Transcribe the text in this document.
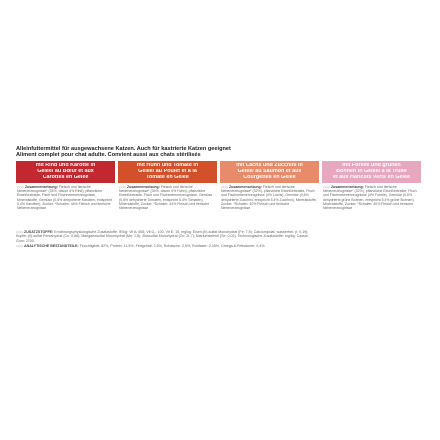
Alleinfuttermittel für ausgewachsene Katzen. Auch für kastrierte Katzen geeignet
Aliment complet pour chat adulte. Convient aussi aux chats stérilisés
mit Rind und Karotte in
Gelee/ au Bœuf et aux
Carottes en Gelée
◇◇◇ Zusammensetzung: Fleisch und tierische Nebenerzeugnisse* (34%, davon 4% Rind), pflanzliche Eiweißextrakte, Fisch und Fischnebenerzeugnisse, Mineralstoffe, Gemüse (0,6% dehydrierte Karotten, entspricht 5,4% Karotten), Zucker. *Schalen: 44% Fleisch und tierische Nebenerzeugnisse
mit Huhn und Tomate in
Gelee/ au Poulet et à la
Tomate en Gelée
◇◇◇ Zusammensetzung: Fleisch und tierische Nebenerzeugnisse* (34%, davon 4% Huhn), pflanzliche Eiweißextrakte, Fisch und Fischnebenerzeugnisse, Gemüse (0,6% dehydrierte Tomaten, entspricht 5,4% Tomaten), Mineralstoffe, Zucker. *Schalen: 44% Fleisch und tierische Nebenerzeugnisse
mit Lachs und Zucchini in
Gelee/ au Saumon et aux
Courgettes en Gelée
◇◇◇ Zusammensetzung: Fleisch und tierische Nebenerzeugnisse* (32%), pflanzliche Eiweißextrakte, Fisch und Fischnebenerzeugnisse (4% Lachs), Gemüse (0,6% dehydrierte Zucchini, entspricht 5,4% Zucchini), Mineralstoffe, Zucker. *Schalen: 40% Fleisch und tierische Nebenerzeugnisse
mit Forelle und grünen
Bohnen in Gelee/ à la Truite
et aux Haricots verts en Gelée
◇◇◇ Zusammensetzung: Fleisch und tierische Nebenerzeugnisse* (32%), pflanzliche Eiweißextrakte, Fisch und Fischnebenerzeugnisse (4% Forelle), Gemüse (0,6% dehydrierte grüne Bohnen, entspricht 5,4% grüne Bohnen), Mineralstoffe, Zucker. *Schalen: 40% Fleisch und tierische Nebenerzeugnisse
◇◇◇ ZUSATZSTOFFE: Ernährungsphysiologische Zusatzstoffe: IE/kg: Vit A: 655, Vit D₃: 100, Vit E: 15, mg/kg: Eisen-(II)-sulfat Monohydrat (Fe: 7,6); Calciumjodat, wasserfrei: (I: 0,19); Kupfer-(II)-sulfat Pentahydrat (Cu: 0,66); Manganosulfat Monohydrat (Mn: 1,5); Zinksulfat Monohydrat (Zn: 11,7); Natriumselenit (Se: 0,02). Technologische Zusatzstoffe: mg/kg: Cassia Gum: 2700.
◇◇◇ ANALYTISCHE BESTANDTEILE: Feuchtigkeit: 82%, Protein: 11,5%, Fettgehalt: 2,5%, Rohasche: 2,5%, Rohfaser: 0,05%, Omega-6-Fettsäuren: 0,4%.
